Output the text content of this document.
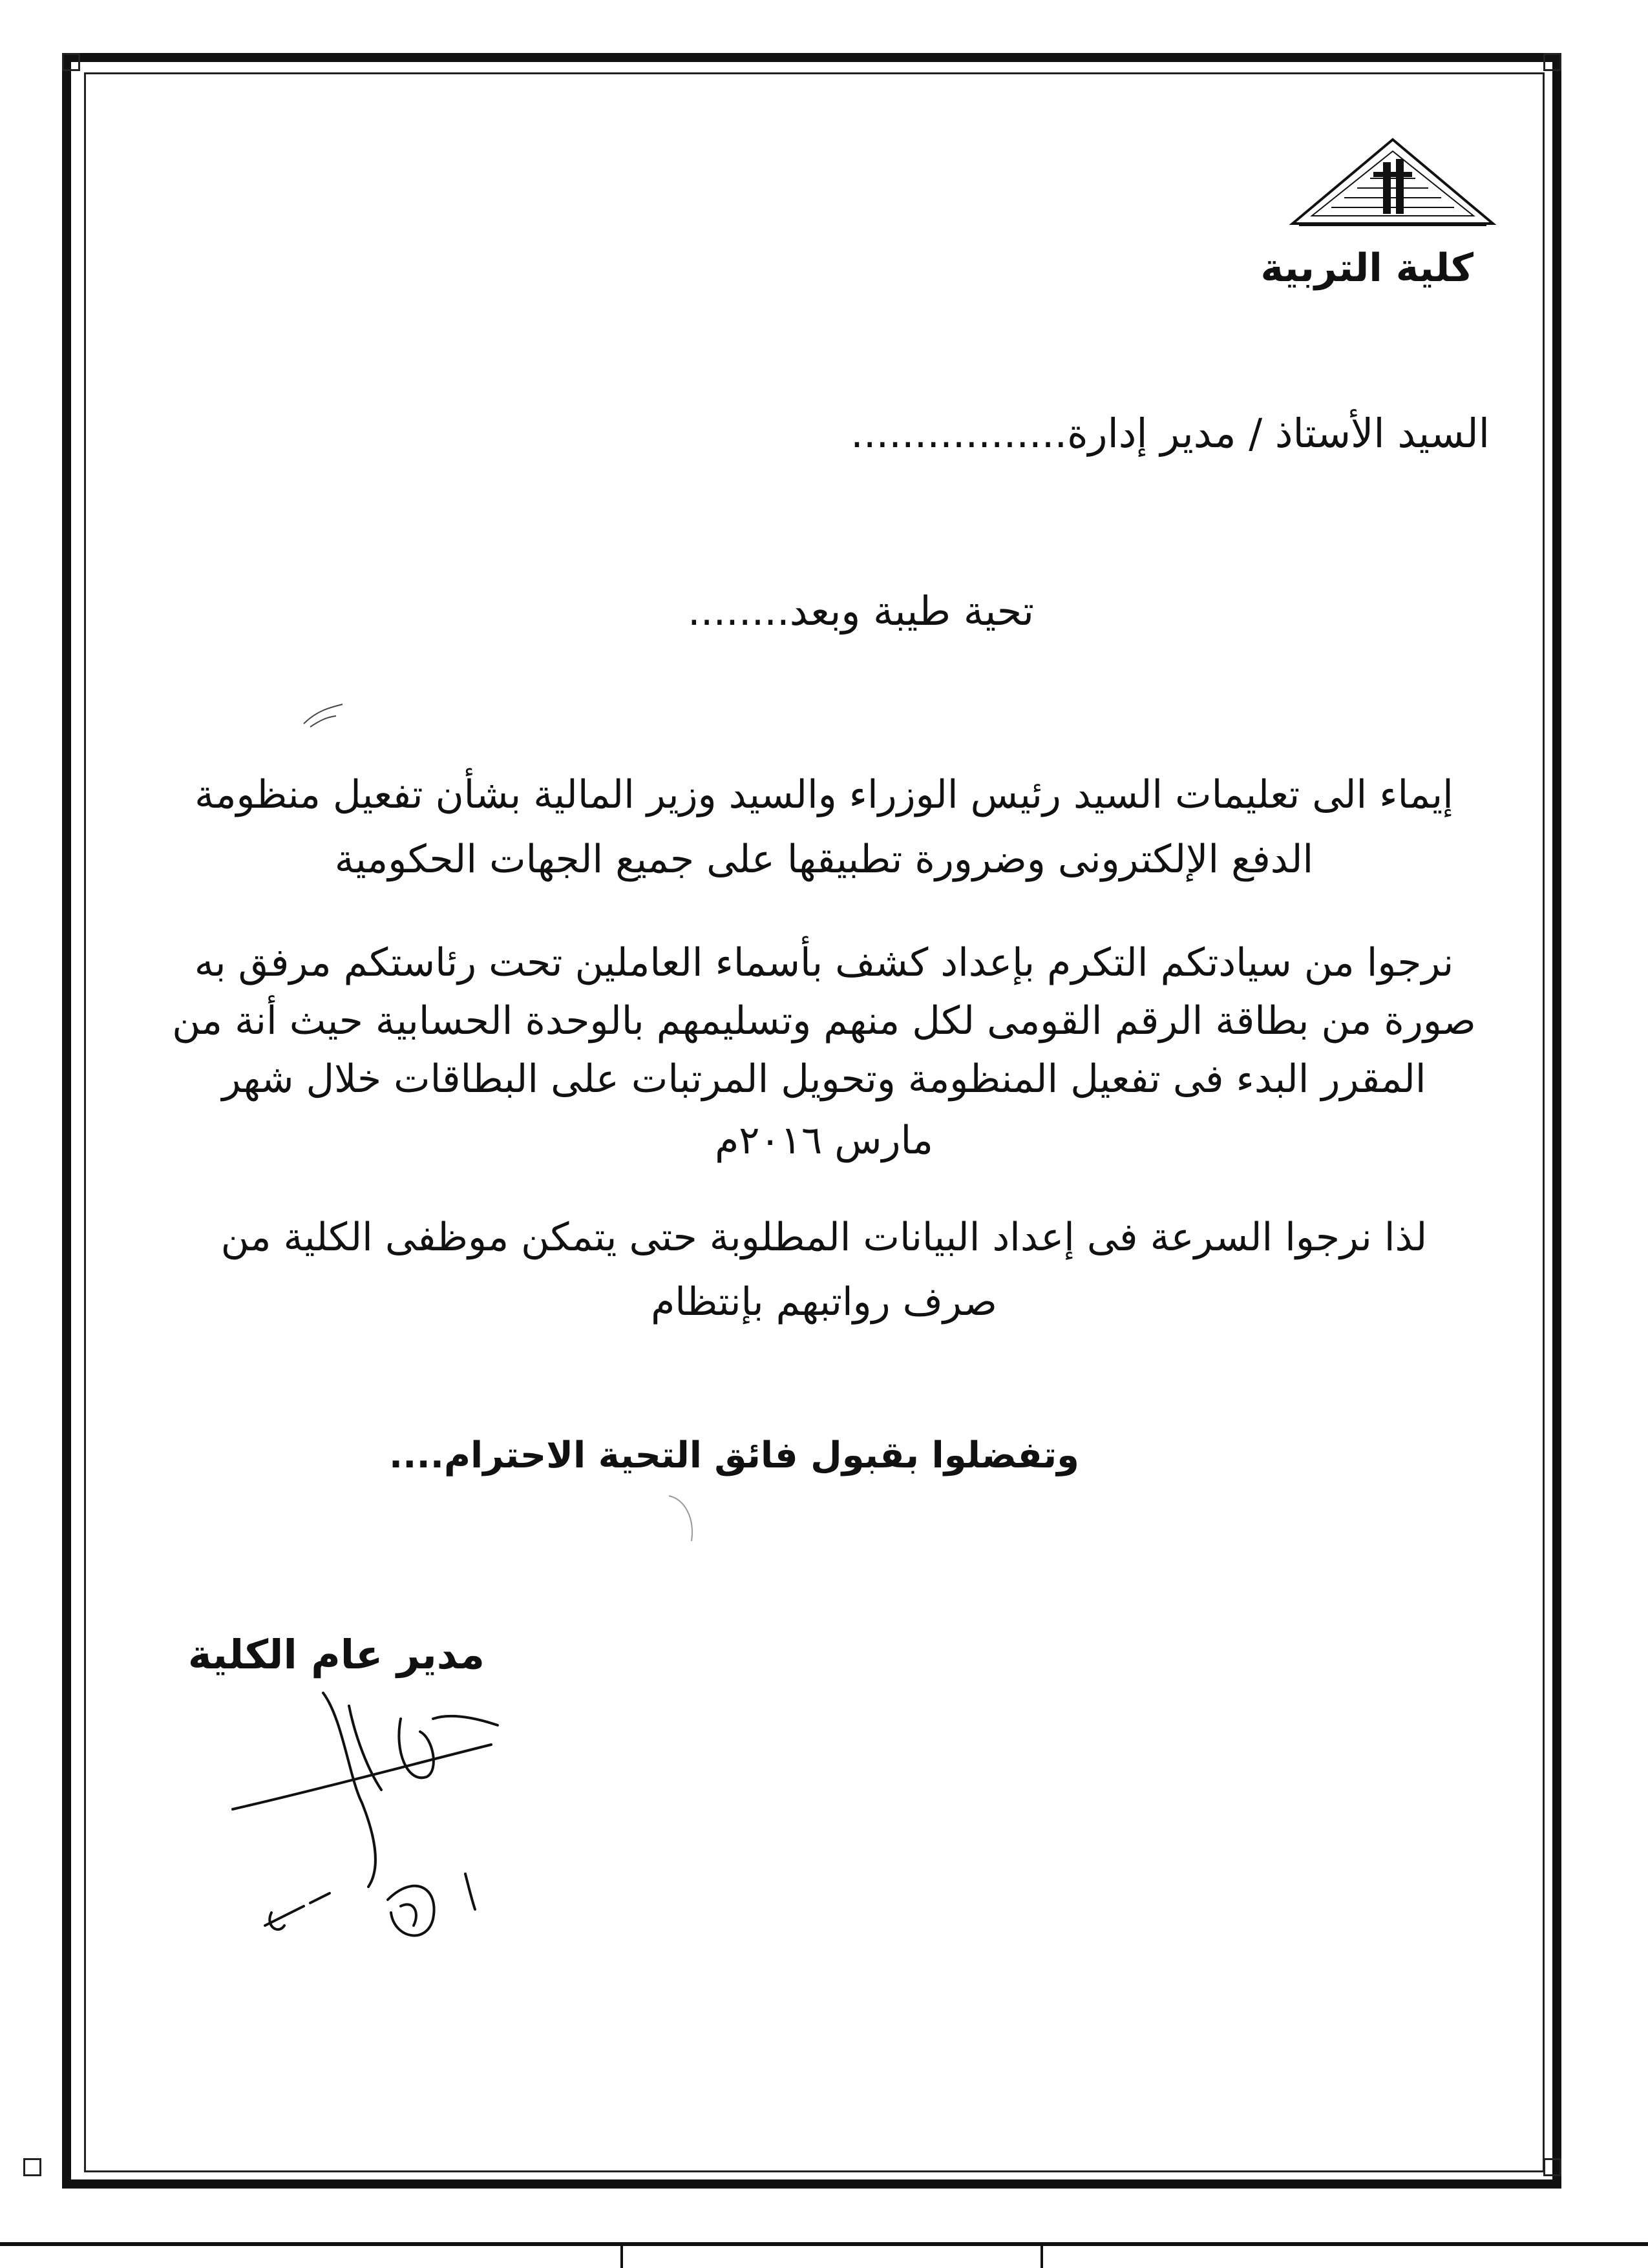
كلية التربية
السيد الأستاذ / مدير إدارة.................
تحية طيبة وبعد........
إيماء الى تعليمات السيد رئيس الوزراء والسيد وزير المالية بشأن تفعيل منظومة
الدفع الإلكترونى وضرورة تطبيقها على جميع الجهات الحكومية
نرجوا من سيادتكم التكرم بإعداد كشف بأسماء العاملين تحت رئاستكم مرفق به
صورة من بطاقة الرقم القومى لكل منهم وتسليمهم بالوحدة الحسابية حيث أنة من
المقرر البدء فى تفعيل المنظومة وتحويل المرتبات على البطاقات خلال شهر
مارس ٢٠١٦م
لذا نرجوا السرعة فى إعداد البيانات المطلوبة حتى يتمكن موظفى الكلية من
صرف رواتبهم بإنتظام
وتفضلوا بقبول فائق التحية الاحترام....
مدير عام الكلية
